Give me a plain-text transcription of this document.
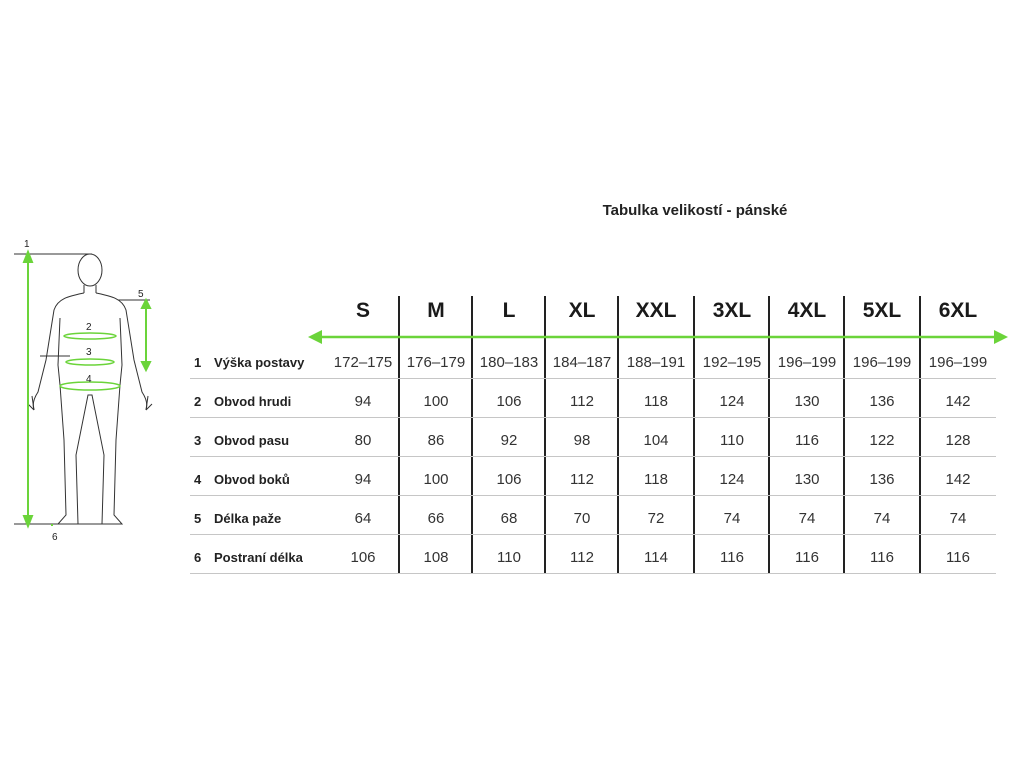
Tabulka velikostí - pánské
1
2
3
4
5
6
S	M	L	XL	XXL	3XL	4XL	5XL	6XL
1 Výška postavy	172–175 176–179 180–183 184–187	188–191	192–195	196–199	196–199	196–199
2 Obvod hrudi	94	100	106	112	118	124	130	136	142
3 Obvod pasu	80	86	92	98	104	110	116	122	128
4 Obvod boků	94	100	106	112	118	124	130	136	142
5 Délka paže	64	66	68	70	72	74	74	74	74
6 Postraní délka	106	108	110	112	114	116	116	116	116
